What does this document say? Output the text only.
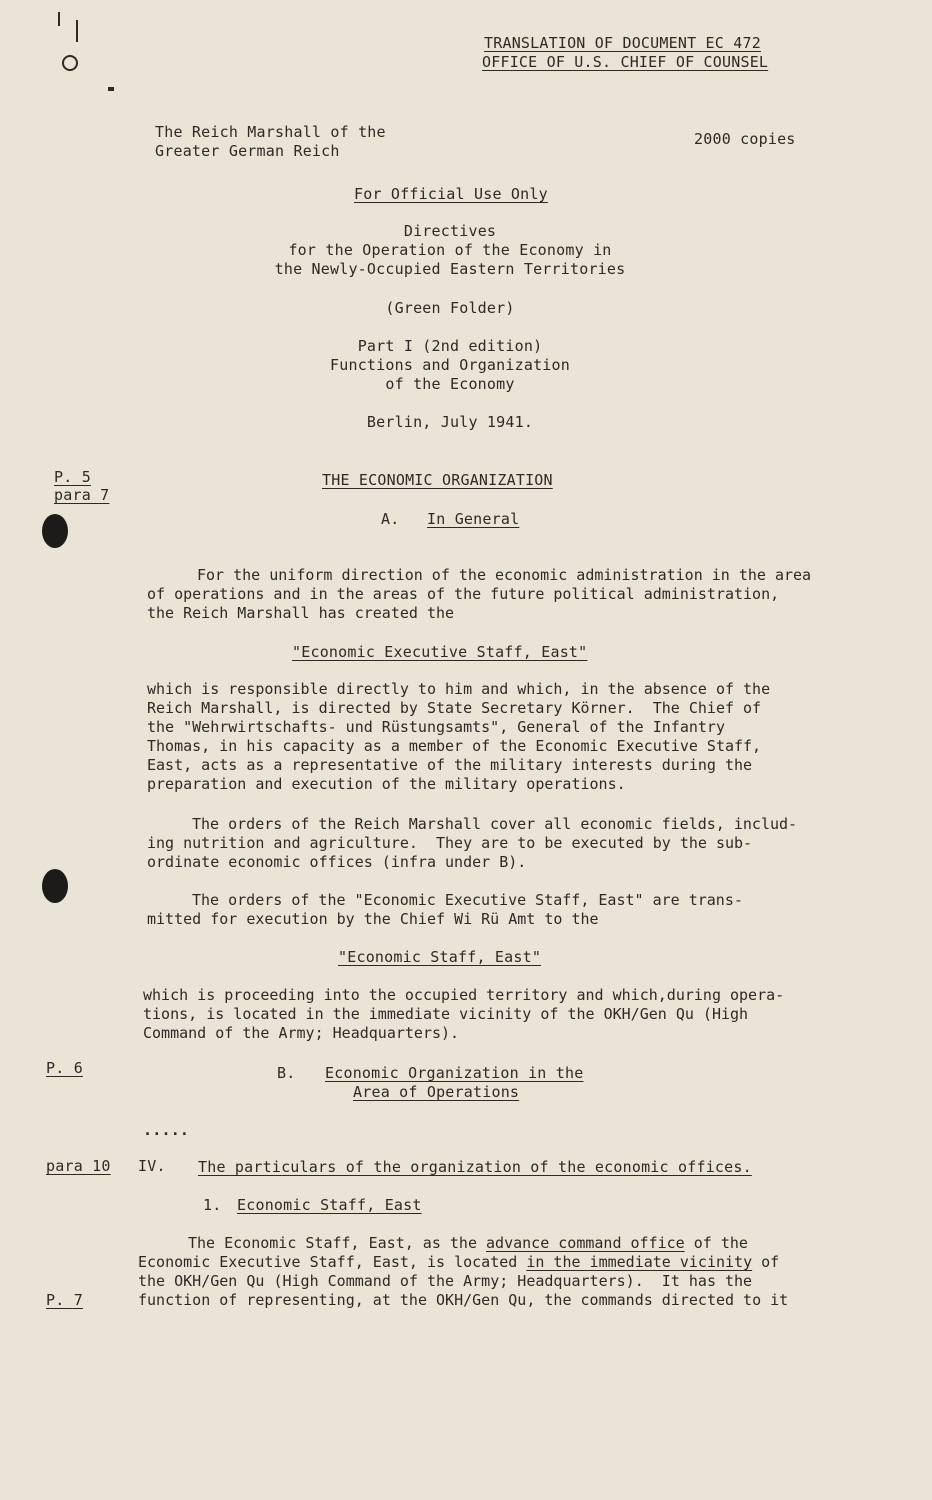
TRANSLATION OF DOCUMENT EC 472
OFFICE OF U.S. CHIEF OF COUNSEL
The Reich Marshall of the
Greater German Reich
2000 copies
For Official Use Only
Directives
for the Operation of the Economy in
the Newly-Occupied Eastern Territories
(Green Folder)
Part I (2nd edition)
Functions and Organization
of the Economy
Berlin, July 1941.
P. 5
para 7
P. 6
para 10
P. 7
THE ECONOMIC ORGANIZATION
A. In General
For the uniform direction of the economic administration in the area
of operations and in the areas of the future political administration,
the Reich Marshall has created the
"Economic Executive Staff, East"
which is responsible directly to him and which, in the absence of the
Reich Marshall, is directed by State Secretary Körner.  The Chief of
the "Wehrwirtschafts- und Rüstungsamts", General of the Infantry
Thomas, in his capacity as a member of the Economic Executive Staff,
East, acts as a representative of the military interests during the
preparation and execution of the military operations.
The orders of the Reich Marshall cover all economic fields, includ-
ing nutrition and agriculture.  They are to be executed by the sub-
ordinate economic offices (infra under B).
The orders of the "Economic Executive Staff, East" are trans-
mitted for execution by the Chief Wi Rü Amt to the
"Economic Staff, East"
which is proceeding into the occupied territory and which,during opera-
tions, is located in the immediate vicinity of the OKH/Gen Qu (High
Command of the Army; Headquarters).
B. Economic Organization in the
Area of Operations
.....
IV. The particulars of the organization of the economic offices.
1. Economic Staff, East
The Economic Staff, East, as the advance command office of the
Economic Executive Staff, East, is located in the immediate vicinity of
the OKH/Gen Qu (High Command of the Army; Headquarters).  It has the
function of representing, at the OKH/Gen Qu, the commands directed to it
